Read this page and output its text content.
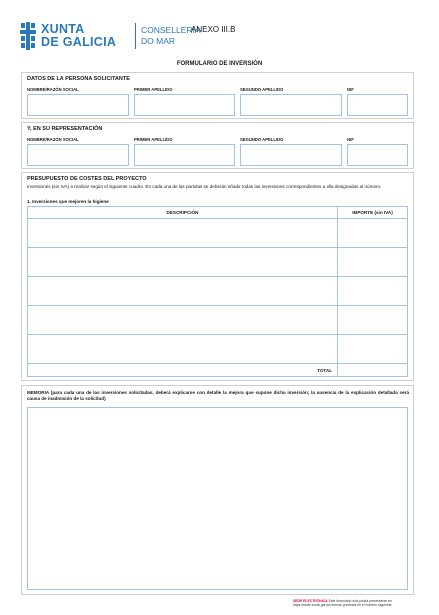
XUNTA
DE GALICIA
CONSELLERÍA
DO MAR
ANEXO III.B
FORMULARIO DE INVERSIÓN
DATOS DE LA PERSONA SOLICITANTE
NOMBRE/RAZÓN SOCIAL	PRIMER APELLIDO	SEGUNDO APELLIDO	NIF
Y, EN SU REPRESENTACIÓN
NOMBRE/RAZÓN SOCIAL	PRIMER APELLIDO	SEGUNDO APELLIDO	NIF
PRESUPUESTO DE COSTES DEL PROYECTO
Inversiones (sin IVA) a realizar según el siguiente cuadro. En cada una de las partidas se deberán añadir todas las inversiones correspondientes a ella designadas al número.
1. Inversiones que mejoren la higiene
DESCRIPCIÓN	IMPORTE (sin IVA)
TOTAL
MEMORIA (para cada una de las inversiones solicitadas, deberá explicarse con detalle la mejora que supone dicha inversión; la ausencia de la explicación detallada será causa de inadmisión de la solicitud)
SEDE ELECTRÓNICA Este formulario solo podrá presentarse en https://sede.xunta.gal las formas previstas en el número siguiente
